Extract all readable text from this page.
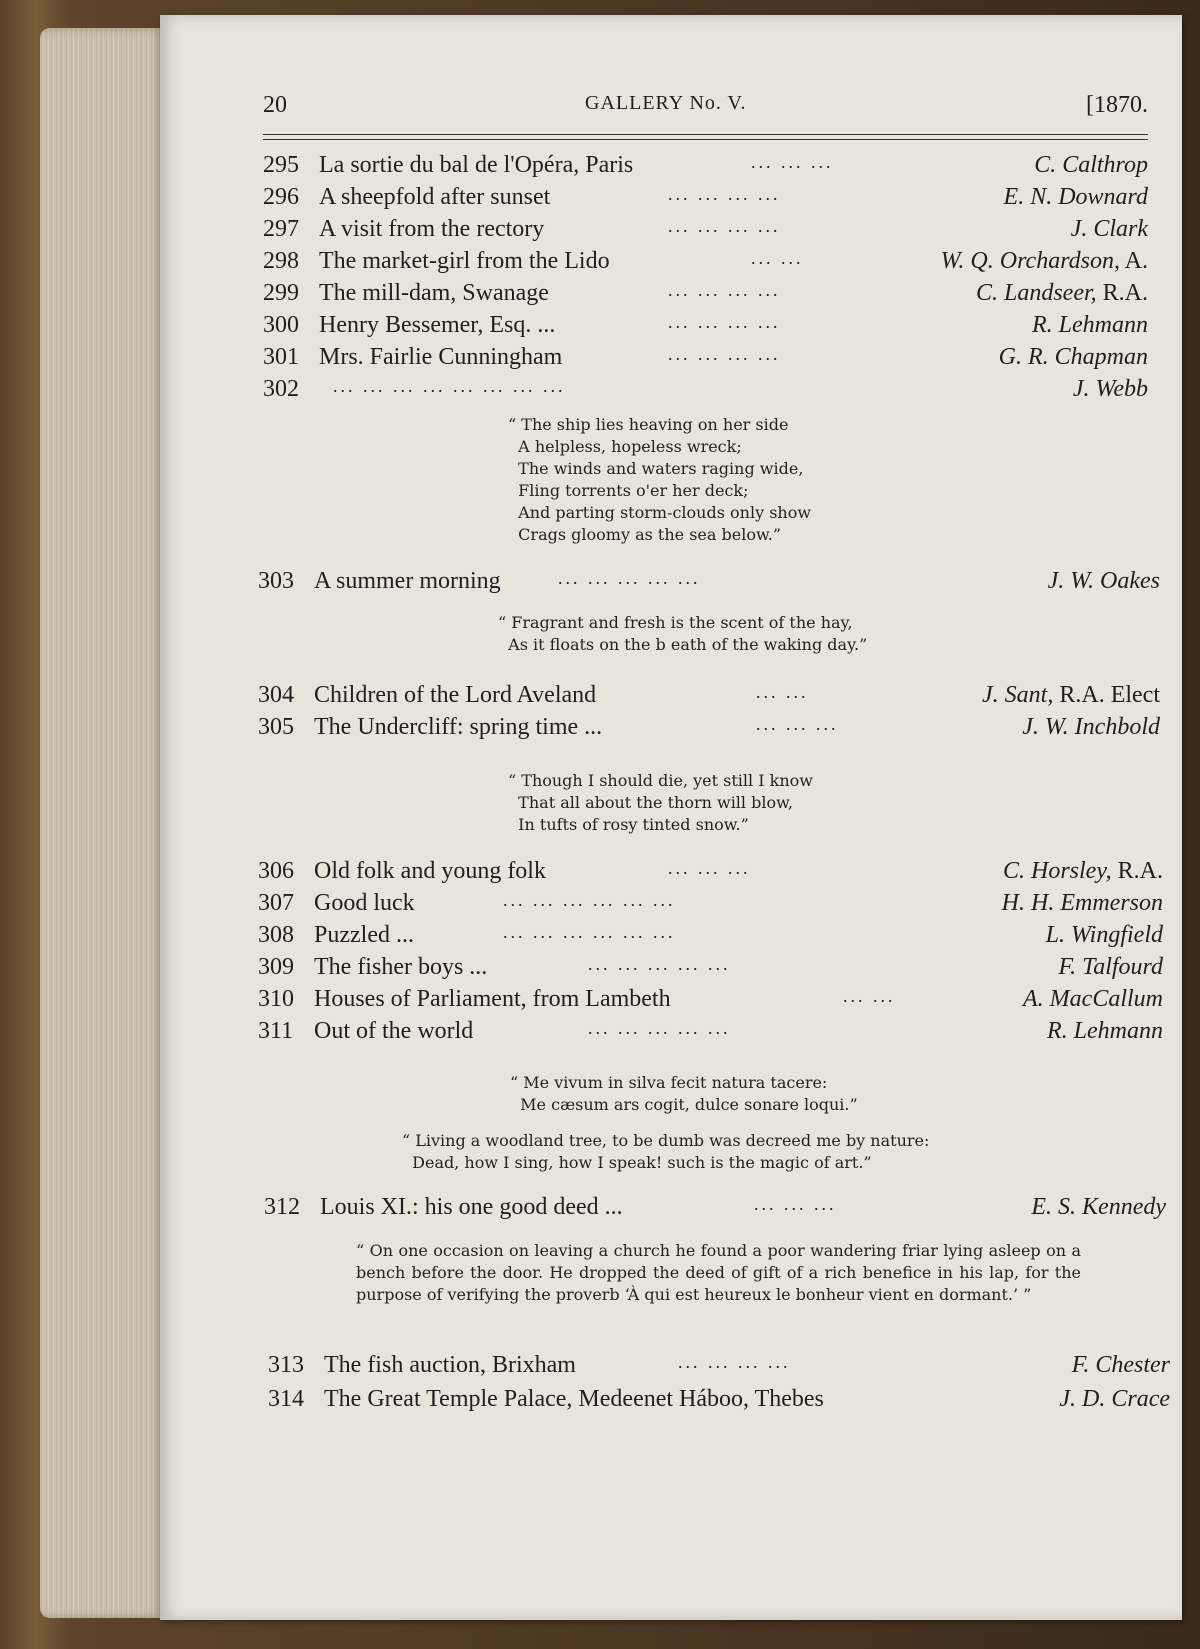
20	GALLERY No. V.	[1870.
295 La sortie du bal de l'Opéra, Paris	... ... ...	C. Calthrop
296 A sheepfold after sunset	... ... ... ...	E. N. Downard
297 A visit from the rectory	... ... ... ...	J. Clark
298 The market-girl from the Lido	... ...	W. Q. Orchardson, A.
299 The mill-dam, Swanage	... ... ... ...	C. Landseer, R.A.
300 Henry Bessemer, Esq. ...	... ... ... ...	R. Lehmann
301 Mrs. Fairlie Cunningham	... ... ... ...	G. R. Chapman
302 ... ... ... ... ... ... ... ...	J. Webb
“ The ship lies heaving on her side
A helpless, hopeless wreck;
The winds and waters raging wide,
Fling torrents o'er her deck;
And parting storm-clouds only show
Crags gloomy as the sea below.”
303 A summer morning	... ... ... ... ...	J. W. Oakes
“ Fragrant and fresh is the scent of the hay,
As it floats on the b eath of the waking day.”
304 Children of the Lord Aveland	... ...	J. Sant, R.A. Elect
305 The Undercliff: spring time ...	... ... ...	J. W. Inchbold
“ Though I should die, yet still I know
That all about the thorn will blow,
In tufts of rosy tinted snow.”
306 Old folk and young folk	... ... ...	C. Horsley, R.A.
307 Good luck	... ... ... ... ... ...	H. H. Emmerson
308 Puzzled ...	... ... ... ... ... ...	L. Wingfield
309 The fisher boys ...	... ... ... ... ...	F. Talfourd
310 Houses of Parliament, from Lambeth	... ...	A. MacCallum
311 Out of the world	... ... ... ... ...	R. Lehmann
“ Me vivum in silva fecit natura tacere:
Me cæsum ars cogit, dulce sonare loqui.”
“ Living a woodland tree, to be dumb was decreed me by nature:
Dead, how I sing, how I speak! such is the magic of art.”
312 Louis XI.: his one good deed ...	... ... ...	E. S. Kennedy
“ On one occasion on leaving a church he found a poor wandering friar lying asleep on a bench before the door. He dropped the deed of gift of a rich benefice in his lap, for the purpose of verifying the proverb ‘À qui est heureux le bonheur vient en dormant.’ ”
313 The fish auction, Brixham	... ... ... ...	F. Chester
314 The Great Temple Palace, Medeenet Háboo, Thebes	J. D. Crace
